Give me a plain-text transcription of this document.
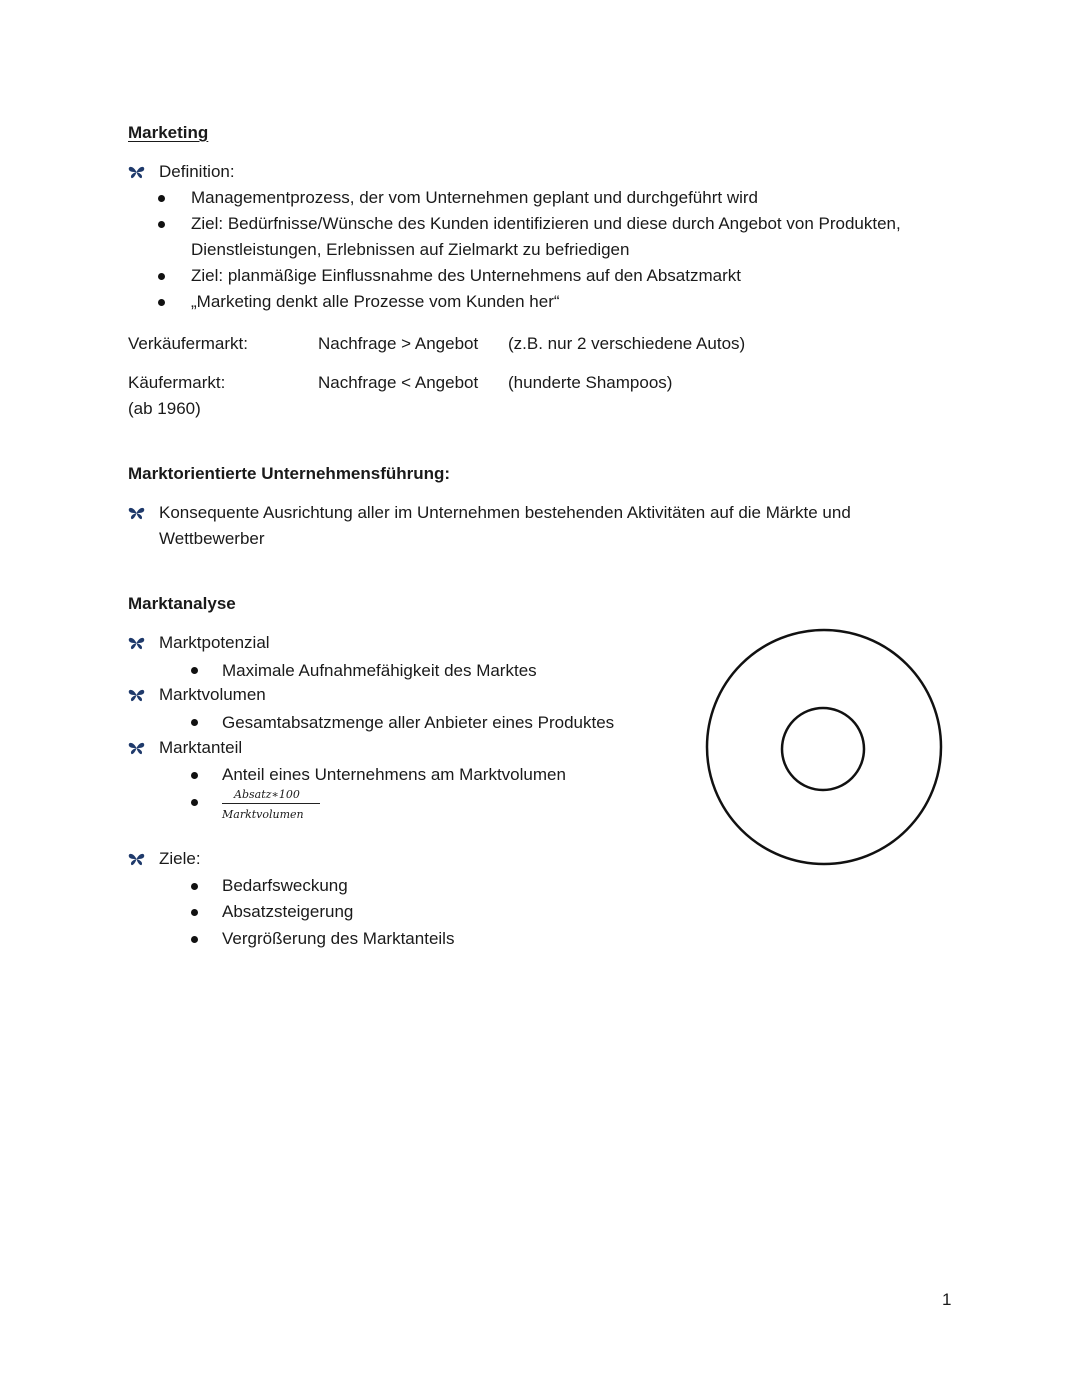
Marketing
Definition:
Managementprozess, der vom Unternehmen geplant und durchgeführt wird
Ziel: Bedürfnisse/Wünsche des Kunden identifizieren und diese durch Angebot von Produkten,
Dienstleistungen, Erlebnissen auf Zielmarkt zu befriedigen
Ziel: planmäßige Einflussnahme des Unternehmens auf den Absatzmarkt
„Marketing denkt alle Prozesse vom Kunden her“
Verkäufermarkt:	Nachfrage > Angebot (z.B. nur 2 verschiedene Autos)
Käufermarkt:	Nachfrage < Angebot (hunderte Shampoos)
(ab 1960)
Marktorientierte Unternehmensführung:
Konsequente Ausrichtung aller im Unternehmen bestehenden Aktivitäten auf die Märkte und
Wettbewerber
Marktanalyse
Marktpotenzial
Maximale Aufnahmefähigkeit des Marktes
Marktvolumen
Gesamtabsatzmenge aller Anbieter eines Produktes
Marktanteil
Anteil eines Unternehmens am Marktvolumen
Absatz∗100
Marktvolumen
Ziele:
Bedarfsweckung
Absatzsteigerung
Vergrößerung des Marktanteils
1
